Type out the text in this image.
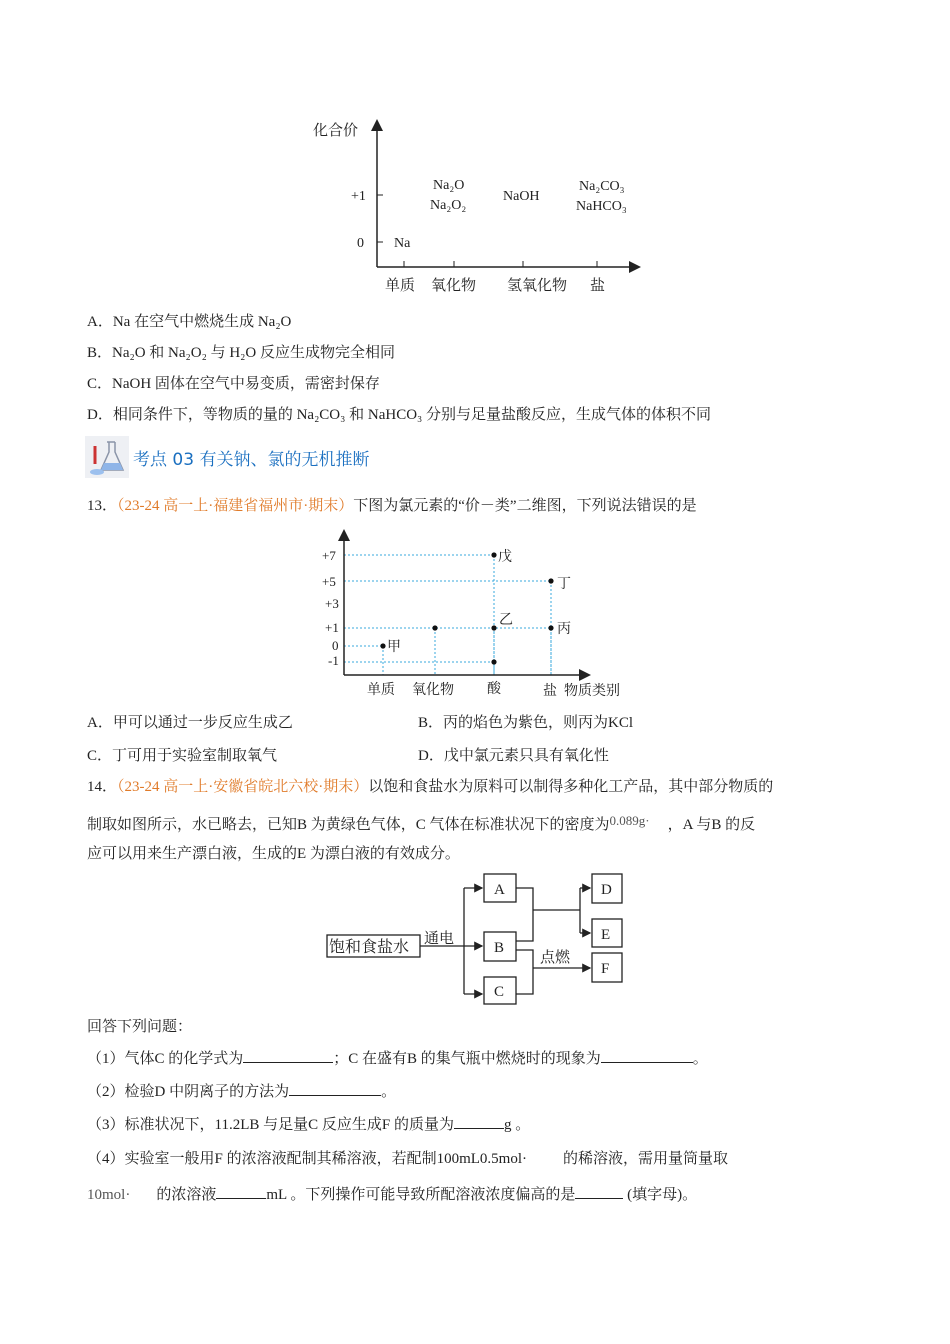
化合价
+1
0 Na
Na₂O
Na₂O₂
NaOH
Na₂CO₃
NaHCO₃
单质 氧化物 氢氧化物 盐
A．Na 在空气中燃烧生成 Na₂O
B．Na₂O 和 Na₂O₂ 与 H₂O 反应生成物完全相同
C．NaOH 固体在空气中易变质，需密封保存
D．相同条件下，等物质的量的 Na₂CO₃ 和 NaHCO₃ 分别与足量盐酸反应，生成气体的体积不同
考点 03 有关钠、氯的无机推断
13．（23-24 高一上·福建省福州市·期末）下图为氯元素的“价－类”二维图，下列说法错误的是
+7
+5
+3
+1
0
-1
甲
乙
戊
丁
丙
单质 氧化物 酸	盐 物质类别
A．甲可以通过一步反应生成乙	B．丙的焰色为紫色，则丙为KCl
C．丁可用于实验室制取氧气	D．戊中氯元素只具有氧化性
14．（23-24 高一上·安徽省皖北六校·期末）以饱和食盐水为原料可以制得多种化工产品，其中部分物质的
制取如图所示，水已略去，已知B 为黄绿色气体，C 气体在标准状况下的密度为0.089g· ，A 与B 的反
应可以用来生产漂白液，生成的E 为漂白液的有效成分。
饱和食盐水 通电
点燃
A
B
C
D
E
F
回答下列问题：
（1）气体C 的化学式为	；C 在盛有B 的集气瓶中燃烧时的现象为	。
（2）检验D 中阴离子的方法为	。
（3）标准状况下，11.2LB 与足量C 反应生成F 的质量为	g 。
（4）实验室一般用F 的浓溶液配制其稀溶液，若配制100mL0.5mol· 的稀溶液，需用量筒量取
10mol· 的浓溶液	mL 。下列操作可能导致所配溶液浓度偏高的是	(填字母)。
